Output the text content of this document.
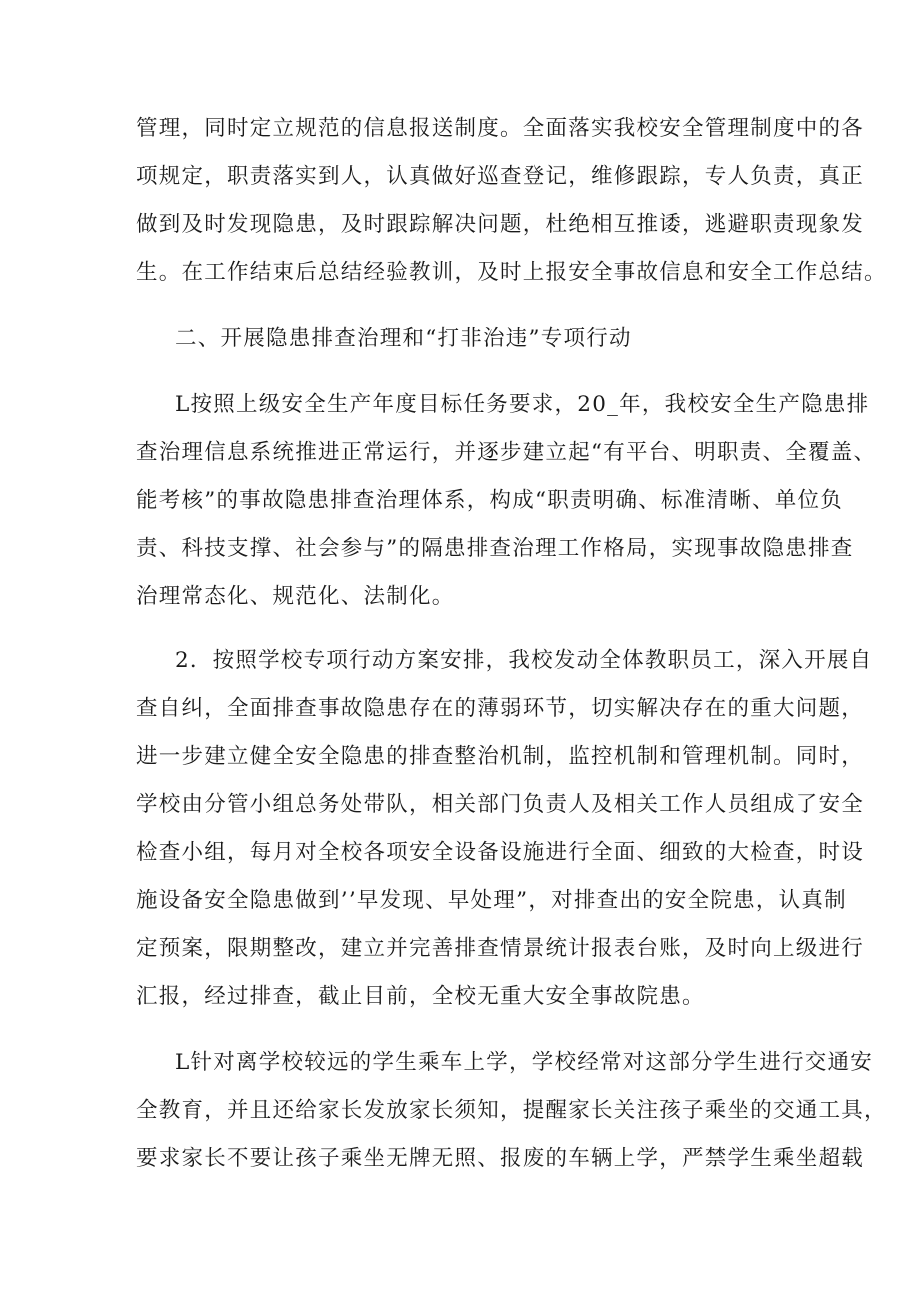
管理，同时定立规范的信息报送制度。全面落实我校安全管理制度中的各
项规定，职责落实到人，认真做好巡查登记，维修跟踪，专人负责，真正
做到及时发现隐患，及时跟踪解决问题，杜绝相互推诿，逃避职责现象发
生。在工作结束后总结经验教训，及时上报安全事故信息和安全工作总结。
二、开展隐患排查治理和“打非治违”专项行动
L按照上级安全生产年度目标任务要求，20_年，我校安全生产隐患排
查治理信息系统推进正常运行，并逐步建立起“有平台、明职责、全覆盖、
能考核”的事故隐患排查治理体系，构成“职责明确、标准清晰、单位负
责、科技支撑、社会参与”的隔患排查治理工作格局，实现事故隐患排查
治理常态化、规范化、法制化。
2．按照学校专项行动方案安排，我校发动全体教职员工，深入开展自
查自纠，全面排查事故隐患存在的薄弱环节，切实解决存在的重大问题，
进一步建立健全安全隐患的排查整治机制，监控机制和管理机制。同时，
学校由分管小组总务处带队，相关部门负责人及相关工作人员组成了安全
检查小组，每月对全校各项安全设备设施进行全面、细致的大检查，时设
施设备安全隐患做到’’早发现、早处理”，对排查出的安全院患，认真制
定预案，限期整改，建立并完善排查情景统计报表台账，及时向上级进行
汇报，经过排查，截止目前，全校无重大安全事故院患。
L针对离学校较远的学生乘车上学，学校经常对这部分学生进行交通安
全教育，并且还给家长发放家长须知，提醒家长关注孩子乘坐的交通工具，
要求家长不要让孩子乘坐无牌无照、报废的车辆上学，严禁学生乘坐超载
